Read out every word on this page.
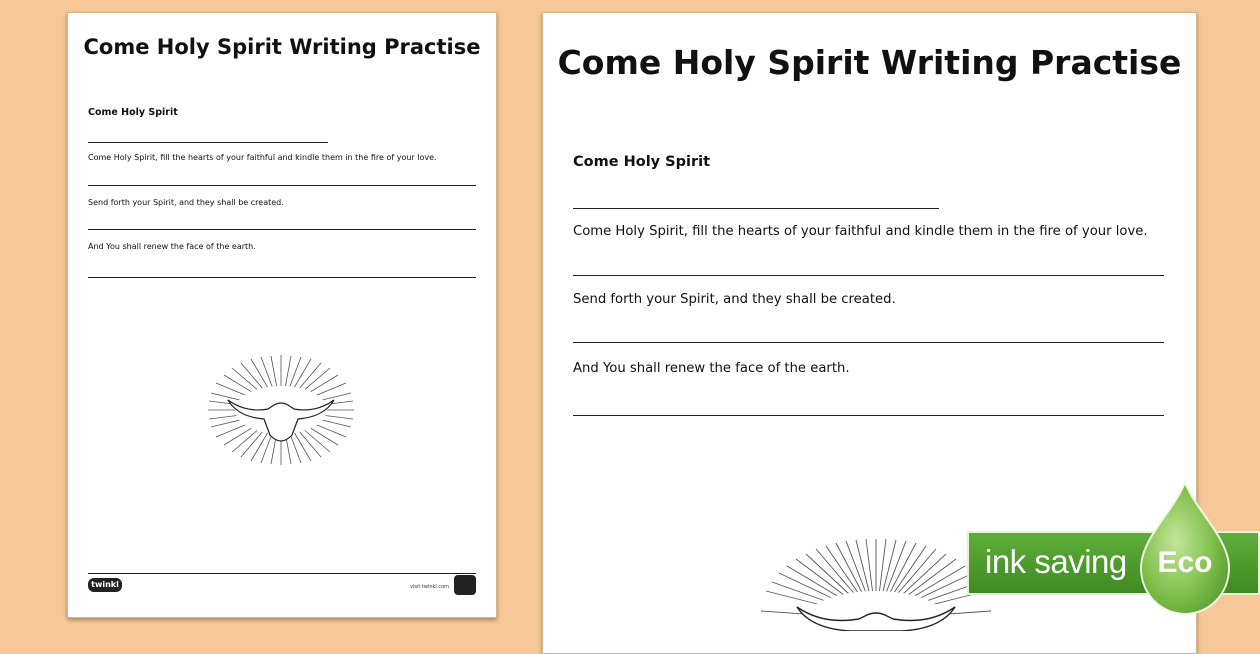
Come Holy Spirit Writing Practise
Come Holy Spirit
Come Holy Spirit, fill the hearts of your faithful and kindle them in the fire of your love.
Send forth your Spirit, and they shall be created.
And You shall renew the face of the earth.
twinkl	visit twinkl.com
Come Holy Spirit Writing Practise
Come Holy Spirit
Come Holy Spirit, fill the hearts of your faithful and kindle them in the fire of your love.
Send forth your Spirit, and they shall be created.
And You shall renew the face of the earth.
ink saving Eco
